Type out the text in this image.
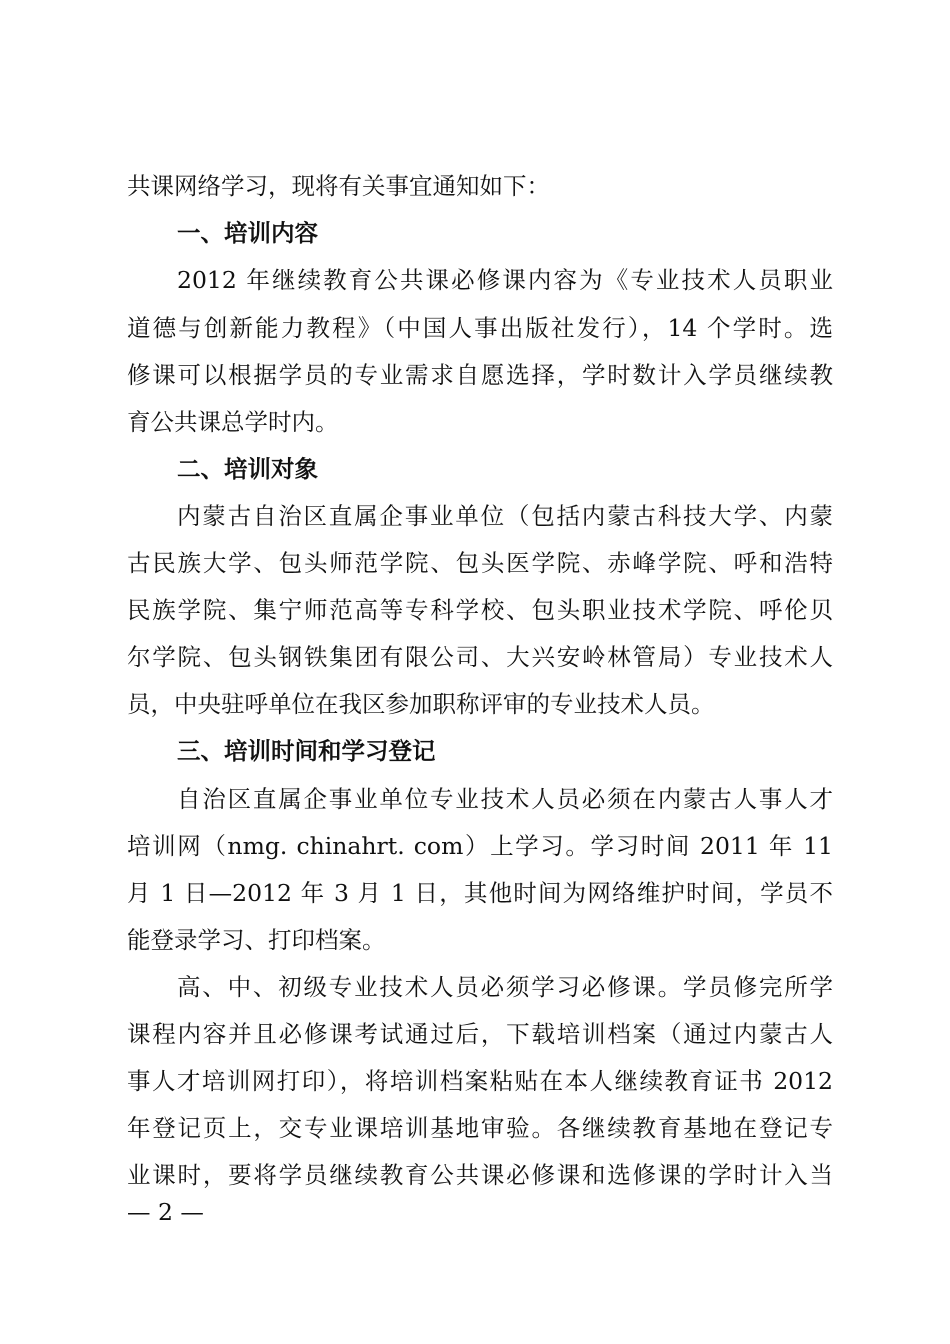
共课网络学习，现将有关事宜通知如下：
一、培训内容
2012 年继续教育公共课必修课内容为《专业技术人员职业
道德与创新能力教程》（中国人事出版社发行），14 个学时。选
修课可以根据学员的专业需求自愿选择，学时数计入学员继续教
育公共课总学时内。
二、培训对象
内蒙古自治区直属企事业单位（包括内蒙古科技大学、内蒙
古民族大学、包头师范学院、包头医学院、赤峰学院、呼和浩特
民族学院、集宁师范高等专科学校、包头职业技术学院、呼伦贝
尔学院、包头钢铁集团有限公司、大兴安岭林管局）专业技术人
员，中央驻呼单位在我区参加职称评审的专业技术人员。
三、培训时间和学习登记
自治区直属企事业单位专业技术人员必须在内蒙古人事人才
培训网（nmg. chinahrt. com）上学习。学习时间 2011 年 11
月 1 日—2012 年 3 月 1 日，其他时间为网络维护时间，学员不
能登录学习、打印档案。
高、中、初级专业技术人员必须学习必修课。学员修完所学
课程内容并且必修课考试通过后，下载培训档案（通过内蒙古人
事人才培训网打印），将培训档案粘贴在本人继续教育证书 2012
年登记页上，交专业课培训基地审验。各继续教育基地在登记专
业课时，要将学员继续教育公共课必修课和选修课的学时计入当
— 2 —
